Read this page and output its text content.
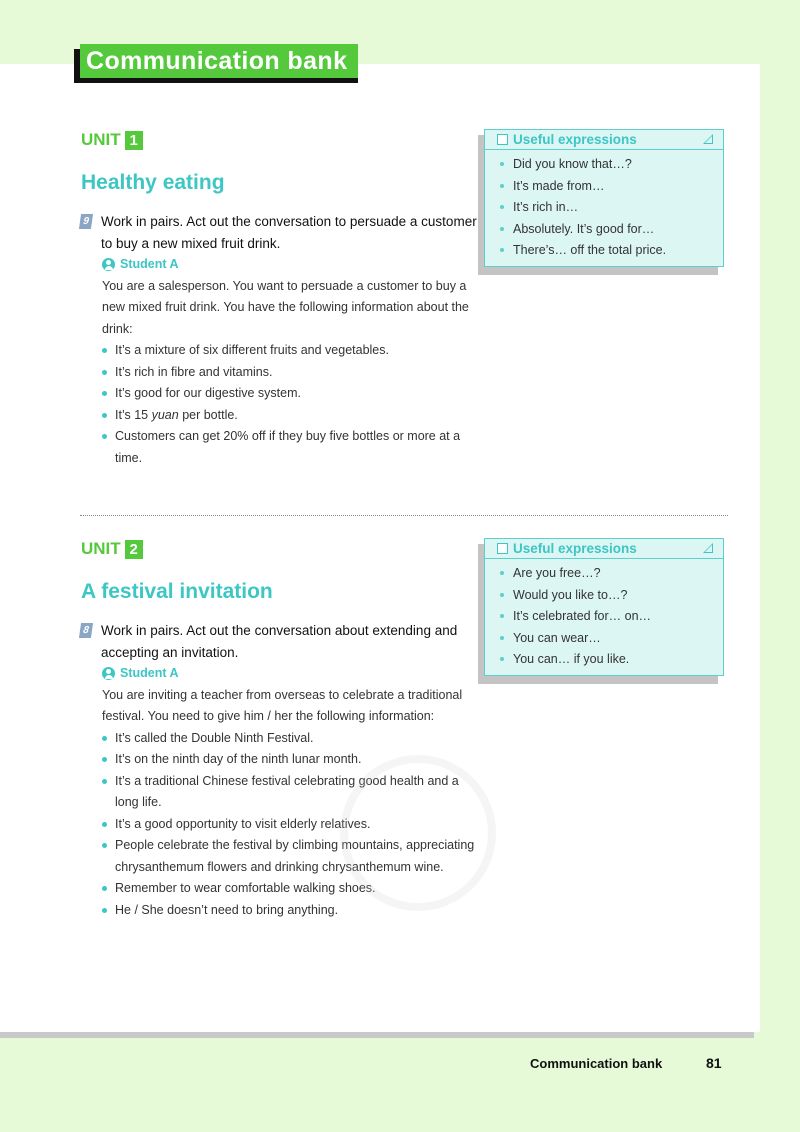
Communication bank
UNIT 1
Healthy eating
9 Work in pairs. Act out the conversation to persuade a customer to buy a new mixed fruit drink.
Student A
You are a salesperson. You want to persuade a customer to buy a new mixed fruit drink. You have the following information about the drink:
It’s a mixture of six different fruits and vegetables.
It’s rich in fibre and vitamins.
It’s good for our digestive system.
It’s 15 yuan per bottle.
Customers can get 20% off if they buy five bottles or more at a time.
Useful expressions
Did you know that…?
It’s made from…
It’s rich in…
Absolutely. It’s good for…
There’s… off the total price.
UNIT 2
A festival invitation
8 Work in pairs. Act out the conversation about extending and accepting an invitation.
Student A
You are inviting a teacher from overseas to celebrate a traditional festival. You need to give him / her the following information:
It’s called the Double Ninth Festival.
It’s on the ninth day of the ninth lunar month.
It’s a traditional Chinese festival celebrating good health and a long life.
It’s a good opportunity to visit elderly relatives.
People celebrate the festival by climbing mountains, appreciating chrysanthemum flowers and drinking chrysanthemum wine.
Remember to wear comfortable walking shoes.
He / She doesn’t need to bring anything.
Useful expressions
Are you free…?
Would you like to…?
It’s celebrated for… on…
You can wear…
You can… if you like.
Communication bank	81
